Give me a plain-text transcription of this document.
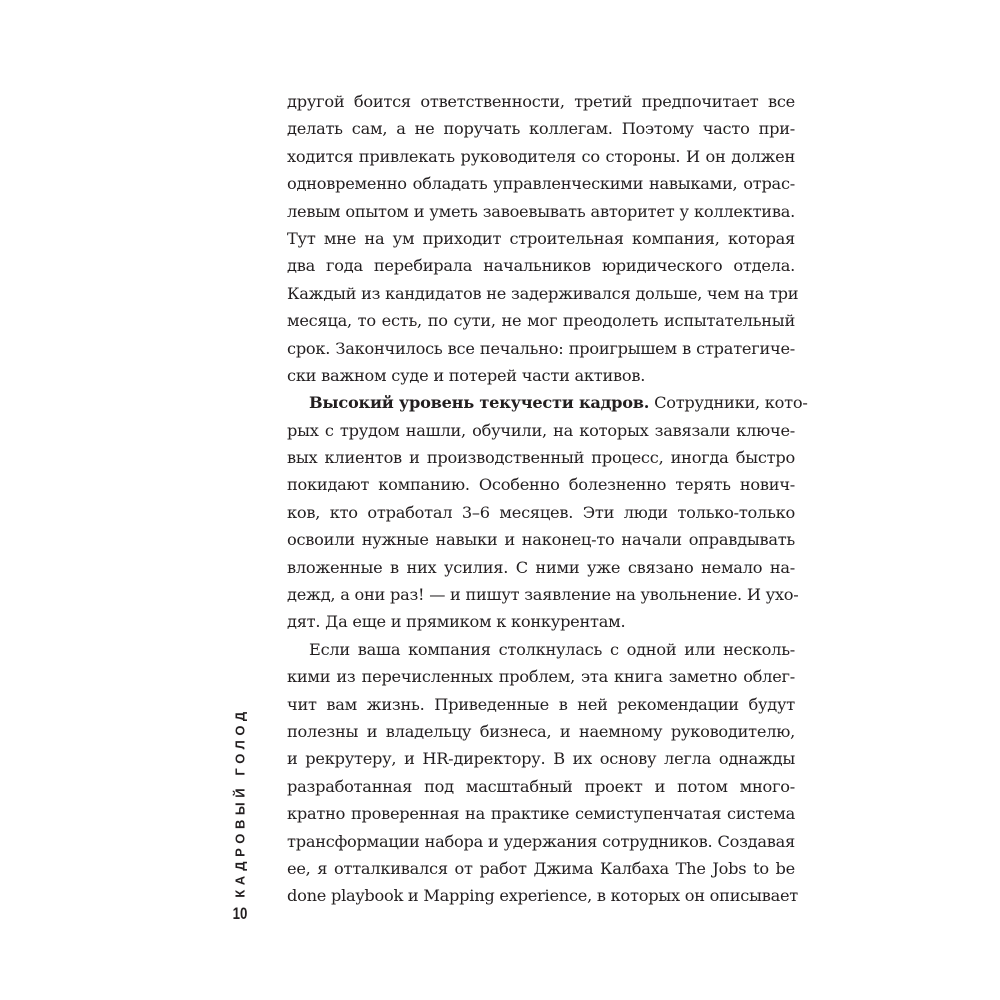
другой боится ответственности, третий предпочитает все
делать сам, а не поручать коллегам. Поэтому часто при-
ходится привлекать руководителя со стороны. И он должен
одновременно обладать управленческими навыками, отрас-
левым опытом и уметь завоевывать авторитет у коллектива.
Тут мне на ум приходит строительная компания, которая
два года перебирала начальников юридического отдела.
Каждый из кандидатов не задерживался дольше, чем на три
месяца, то есть, по сути, не мог преодолеть испытательный
срок. Закончилось все печально: проигрышем в стратегиче-
ски важном суде и потерей части активов.
Высокий уровень текучести кадров. Сотрудники, кото-
рых с трудом нашли, обучили, на которых завязали ключе-
вых клиентов и производственный процесс, иногда быстро
покидают компанию. Особенно болезненно терять нович-
ков, кто отработал 3–6 месяцев. Эти люди только-только
освоили нужные навыки и наконец-то начали оправдывать
вложенные в них усилия. С ними уже связано немало на-
дежд, а они раз! — и пишут заявление на увольнение. И ухо-
дят. Да еще и прямиком к конкурентам.
Если ваша компания столкнулась с одной или несколь-
кими из перечисленных проблем, эта книга заметно облег-
чит вам жизнь. Приведенные в ней рекомендации будут
полезны и владельцу бизнеса, и наемному руководителю,
и рекрутеру, и HR-директору. В их основу легла однажды
разработанная под масштабный проект и потом много-
кратно проверенная на практике семиступенчатая система
трансформации набора и удержания сотрудников. Создавая
ее, я отталкивался от работ Джима Калбаха The Jobs to be
done playbook и Mapping experience, в которых он описывает
КАДРОВЫЙ ГОЛОД
10
